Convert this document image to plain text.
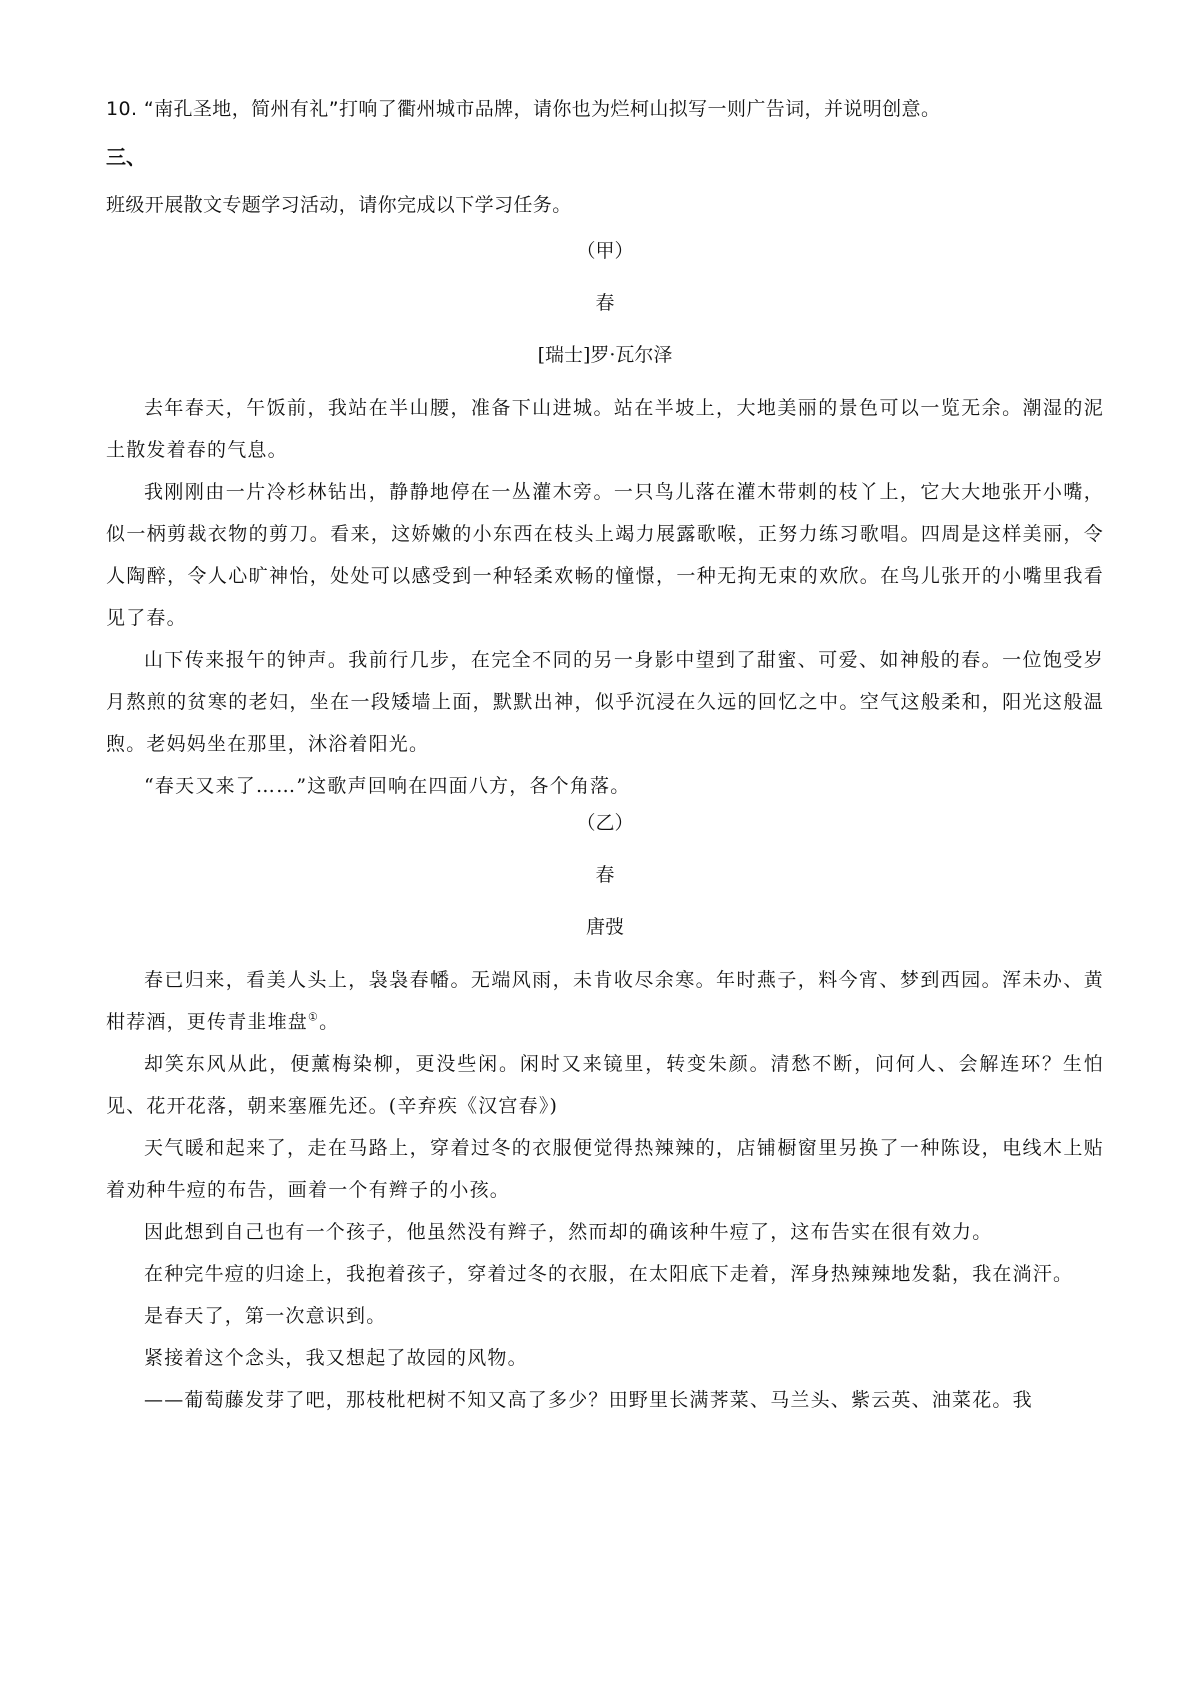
10. “南孔圣地，简州有礼”打响了衢州城市品牌，请你也为烂柯山拟写一则广告词，并说明创意。
三、
班级开展散文专题学习活动，请你完成以下学习任务。
（甲）
春
[瑞士]罗·瓦尔泽

去年春天，午饭前，我站在半山腰，准备下山进城。站在半坡上，大地美丽的景色可以一览无余。潮湿的泥土散发着春的气息。

我刚刚由一片冷杉林钻出，静静地停在一丛灌木旁。一只鸟儿落在灌木带刺的枝丫上，它大大地张开小嘴，似一柄剪裁衣物的剪刀。看来，这娇嫩的小东西在枝头上竭力展露歌喉，正努力练习歌唱。四周是这样美丽，令人陶醉，令人心旷神怡，处处可以感受到一种轻柔欢畅的憧憬，一种无拘无束的欢欣。在鸟儿张开的小嘴里我看见了春。

山下传来报午的钟声。我前行几步，在完全不同的另一身影中望到了甜蜜、可爱、如神般的春。一位饱受岁月熬煎的贫寒的老妇，坐在一段矮墙上面，默默出神，似乎沉浸在久远的回忆之中。空气这般柔和，阳光这般温煦。老妈妈坐在那里，沐浴着阳光。

“春天又来了……”这歌声回响在四面八方，各个角落。

（乙）
春
唐弢

春已归来，看美人头上，袅袅春幡。无端风雨，未肯收尽余寒。年时燕子，料今宵、梦到西园。浑未办、黄柑荐酒，更传青韭堆盘①。

却笑东风从此，便薰梅染柳，更没些闲。闲时又来镜里，转变朱颜。清愁不断，问何人、会解连环？生怕见、花开花落，朝来塞雁先还。(辛弃疾《汉宫春》)

天气暖和起来了，走在马路上，穿着过冬的衣服便觉得热辣辣的，店铺橱窗里另换了一种陈设，电线木上贴着劝种牛痘的布告，画着一个有辫子的小孩。

因此想到自己也有一个孩子，他虽然没有辫子，然而却的确该种牛痘了，这布告实在很有效力。

在种完牛痘的归途上，我抱着孩子，穿着过冬的衣服，在太阳底下走着，浑身热辣辣地发黏，我在淌汗。

是春天了，第一次意识到。

紧接着这个念头，我又想起了故园的风物。

——葡萄藤发芽了吧，那枝枇杷树不知又高了多少？田野里长满荠菜、马兰头、紫云英、油菜花。我
